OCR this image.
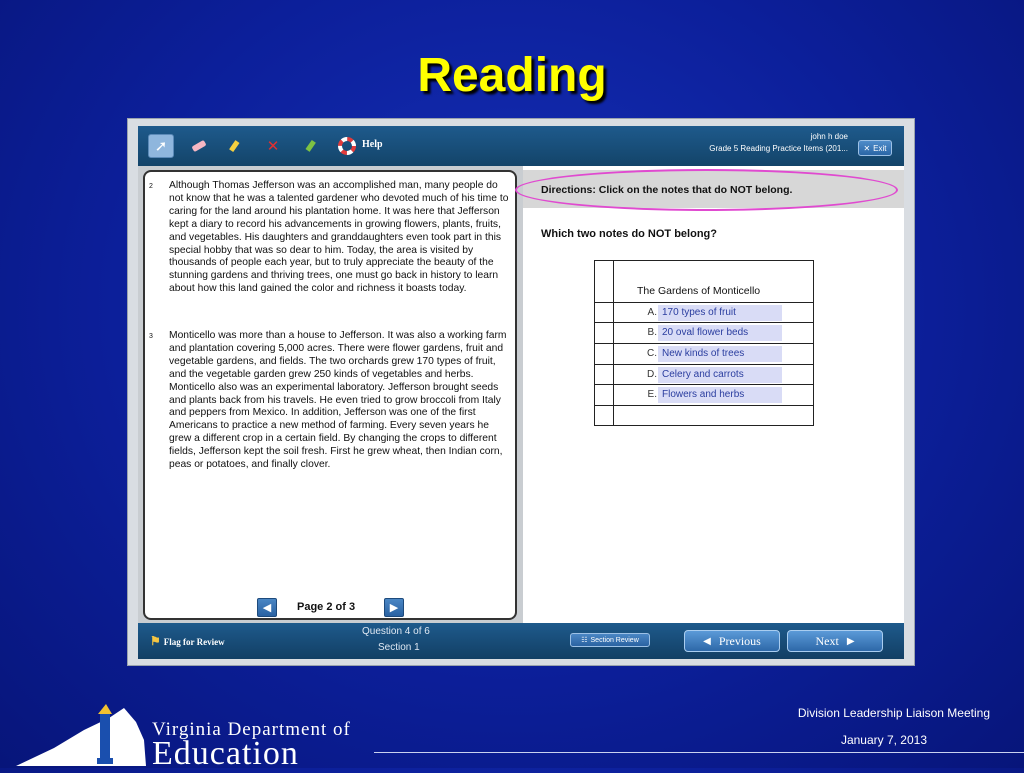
Reading
➚	✕	Help
john h doe
Grade 5 Reading Practice Items (201... ✕ Exit
2 Although Thomas Jefferson was an accomplished man, many people do not know that he was a talented gardener who devoted much of his time to caring for the land around his plantation home. It was here that Jefferson kept a diary to record his advancements in growing flowers, plants, fruits, and vegetables. His daughters and granddaughters even took part in this special hobby that was so dear to him. Today, the area is visited by thousands of people each year, but to truly appreciate the beauty of the stunning gardens and thriving trees, one must go back in history to learn about how this land gained the color and richness it boasts today.
3 Monticello was more than a house to Jefferson. It was also a working farm and plantation covering 5,000 acres. There were flower gardens, fruit and vegetable gardens, and fields. The two orchards grew 170 types of fruit, and the vegetable garden grew 250 kinds of vegetables and herbs. Monticello also was an experimental laboratory. Jefferson brought seeds and plants back from his travels. He even tried to grow broccoli from Italy and peppers from Mexico. In addition, Jefferson was one of the first Americans to practice a new method of farming. Every seven years he grew a different crop in a certain field. By changing the crops to different fields, Jefferson kept the soil fresh. First he grew wheat, then Indian corn, peas or potatoes, and finally clover.
◀ Page 2 of 3	▶
Directions: Click on the notes that do NOT belong.
Which two notes do NOT belong?
The Gardens of Monticello
A. 170 types of fruit
B. 20 oval flower beds
C. New kinds of trees
D. Celery and carrots
E. Flowers and herbs
⚑ Flag for Review
Question 4 of 6
Section 1
☷ Section Review	◀ Previous	Next ▶
Virginia Department of
Education
Division Leadership Liaison Meeting
January 7, 2013
